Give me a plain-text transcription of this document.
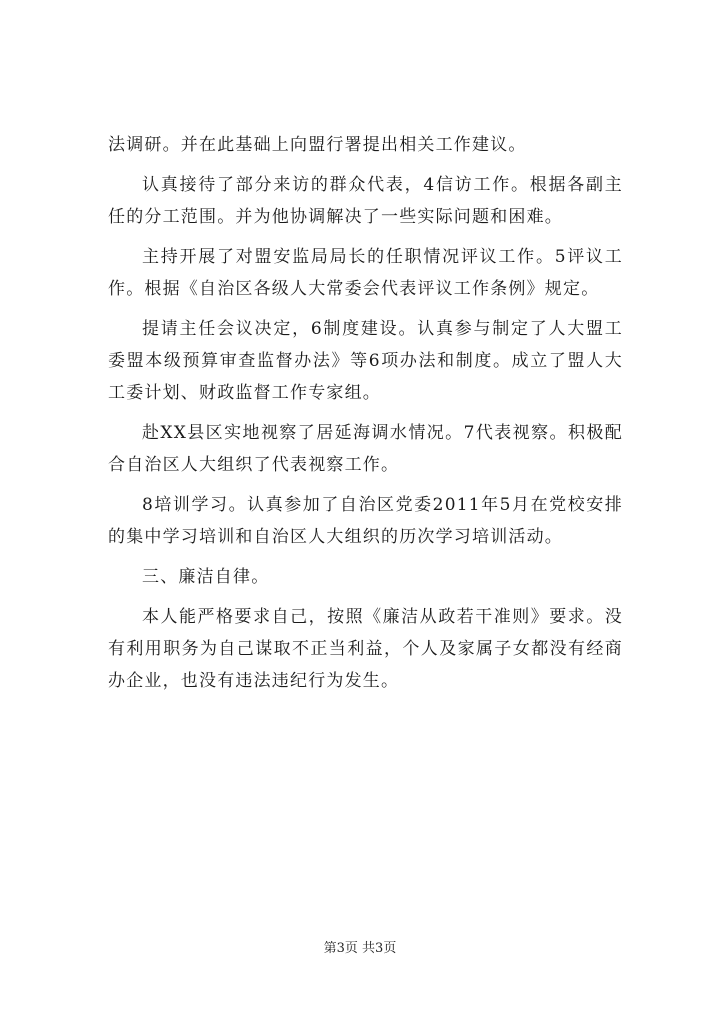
法调研。并在此基础上向盟行署提出相关工作建议。

认真接待了部分来访的群众代表，4信访工作。根据各副主任的分工范围。并为他协调解决了一些实际问题和困难。

主持开展了对盟安监局局长的任职情况评议工作。5评议工作。根据《自治区各级人大常委会代表评议工作条例》规定。

提请主任会议决定，6制度建设。认真参与制定了人大盟工委盟本级预算审查监督办法》等6项办法和制度。成立了盟人大工委计划、财政监督工作专家组。

赴XX县区实地视察了居延海调水情况。7代表视察。积极配合自治区人大组织了代表视察工作。

8培训学习。认真参加了自治区党委2011年5月在党校安排的集中学习培训和自治区人大组织的历次学习培训活动。

三、廉洁自律。

本人能严格要求自己，按照《廉洁从政若干准则》要求。没有利用职务为自己谋取不正当利益，个人及家属子女都没有经商办企业，也没有违法违纪行为发生。

第3页 共3页
